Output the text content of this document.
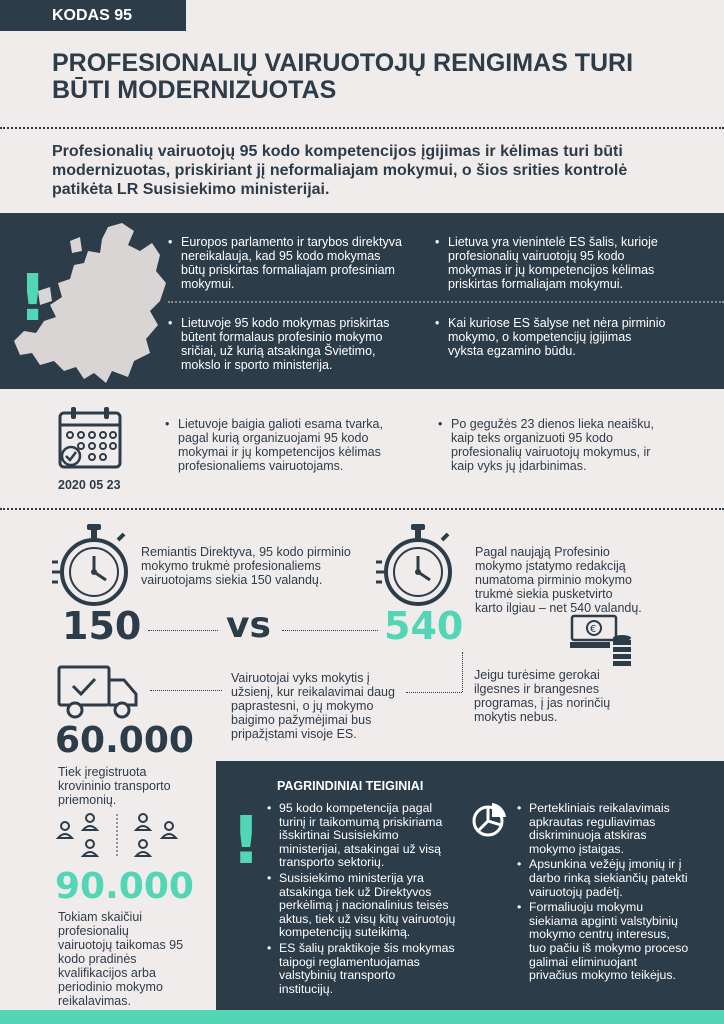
KODAS 95
PROFESIONALIŲ VAIRUOTOJŲ RENGIMAS TURI
BŪTI MODERNIZUOTAS
Profesionalių vairuotojų 95 kodo kompetencijos įgijimas ir kėlimas turi būti
modernizuotas, priskiriant jį neformaliajam mokymui, o šios srities kontrolė
patikėta LR Susisiekimo ministerijai.
!
• Europos parlamento ir tarybos direktyva
nereikalauja, kad 95 kodo mokymas
būtų priskirtas formaliajam profesiniam
mokymui.
• Lietuva yra vienintelė ES šalis, kurioje
profesionalių vairuotojų 95 kodo
mokymas ir jų kompetencijos kėlimas
priskirtas formaliajam mokymui.
• Lietuvoje 95 kodo mokymas priskirtas
būtent formalaus profesinio mokymo
sričiai, už kurią atsakinga Švietimo,
mokslo ir sporto ministerija.
• Kai kuriose ES šalyse net nėra pirminio
mokymo, o kompetencijų įgijimas
vyksta egzamino būdu.
2020 05 23
• Lietuvoje baigia galioti esama tvarka,
pagal kurią organizuojami 95 kodo
mokymai ir jų kompetencijos kėlimas
profesionaliems vairuotojams.
• Po gegužės 23 dienos lieka neaišku,
kaip teks organizuoti 95 kodo
profesionalių vairuotojų mokymus, ir
kaip vyks jų įdarbinimas.
Remiantis Direktyva, 95 kodo pirminio
mokymo trukmė profesionaliems
vairuotojams siekia 150 valandų.
150 vs	540
Pagal naująją Profesinio
mokymo įstatymo redakciją
numatoma pirminio mokymo
trukmė siekia pusketvirto
karto ilgiau – net 540 valandų.
€
Jeigu turėsime gerokai
ilgesnes ir brangesnes
programas, į jas norinčių
mokytis nebus.
Vairuotojai vyks mokytis į
užsienį, kur reikalavimai daug
paprastesni, o jų mokymo
baigimo pažymėjimai bus
pripažįstami visoje ES.
60.000
Tiek įregistruota
krovininio transporto
priemonių.
90.000
Tokiam skaičiui
profesionalių
vairuotojų taikomas 95
kodo pradinės
kvalifikacijos arba
periodinio mokymo
reikalavimas.
PAGRINDINIAI TEIGINIAI
!
• 95 kodo kompetencija pagal
turinį ir taikomumą priskiriama
išskirtinai Susisiekimo
ministerijai, atsakingai už visą
transporto sektorių.
• Susisiekimo ministerija yra
atsakinga tiek už Direktyvos
perkėlimą į nacionalinius teisės
aktus, tiek už visų kitų vairuotojų
kompetencijų suteikimą.
• ES šalių praktikoje šis mokymas
taipogi reglamentuojamas
valstybinių transporto
institucijų.
• Pertekliniais reikalavimais
apkrautas reguliavimas
diskriminuoja atskiras
mokymo įstaigas.
• Apsunkina vežėjų įmonių ir į
darbo rinką siekiančių patekti
vairuotojų padėtį.
• Formaliuoju mokymu
siekiama apginti valstybinių
mokymo centrų interesus,
tuo pačiu iš mokymo proceso
galimai eliminuojant
privačius mokymo teikėjus.
